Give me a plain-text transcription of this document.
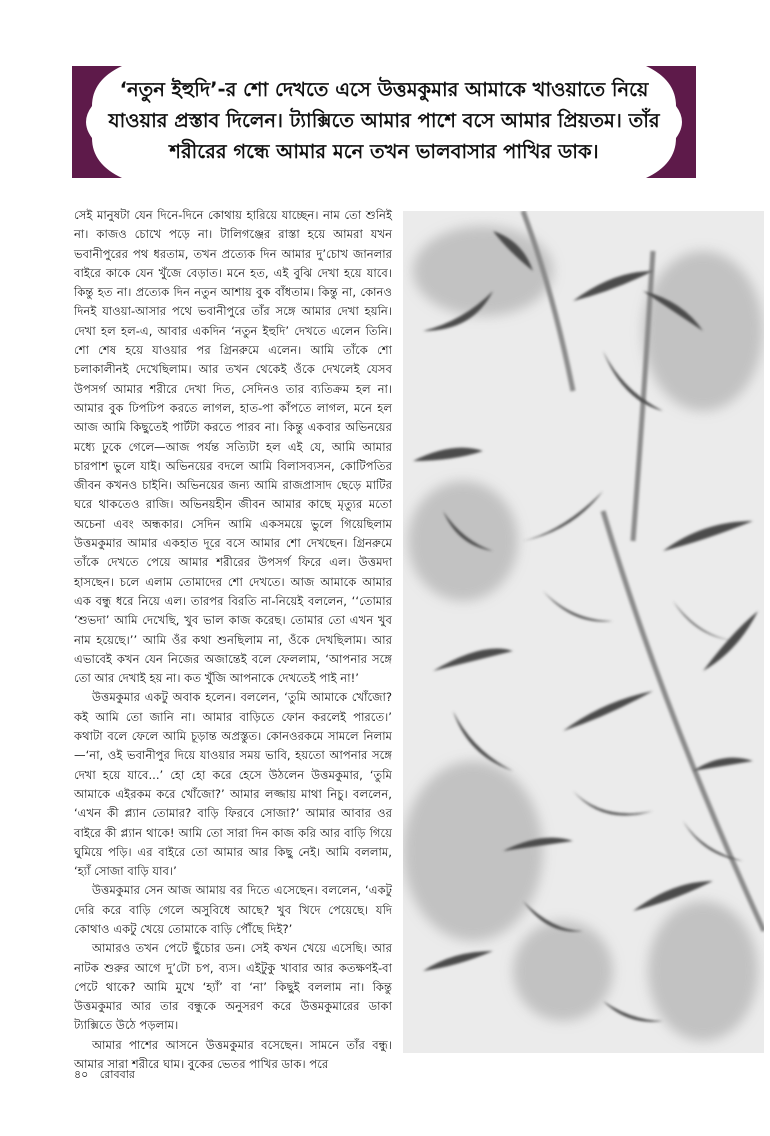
‘নতুন ইহুদি’-র শো দেখতে এসে উত্তমকুমার আমাকে খাওয়াতে নিয়ে যাওয়ার প্রস্তাব দিলেন। ট্যাক্সিতে আমার পাশে বসে আমার প্রিয়তম। তাঁর শরীরের গন্ধে আমার মনে তখন ভালবাসার পাখির ডাক।

সেই মানুষটা যেন দিনে-দিনে কোথায় হারিয়ে যাচ্ছেন। নাম তো শুনিই না। কাজও চোখে পড়ে না। টালিগঞ্জের রাস্তা হয়ে আমরা যখন ভবানীপুরের পথ ধরতাম, তখন প্রত্যেক দিন আমার দু’চোখ জানলার বাইরে কাকে যেন খুঁজে বেড়াত। মনে হত, এই বুঝি দেখা হয়ে যাবে। কিন্তু হত না। প্রত্যেক দিন নতুন আশায় বুক বাঁধতাম। কিন্তু না, কোনও দিনই যাওয়া-আসার পথে ভবানীপুরে তাঁর সঙ্গে আমার দেখা হয়নি। দেখা হল হল-এ, আবার একদিন ‘নতুন ইহুদি’ দেখতে এলেন তিনি। শো শেষ হয়ে যাওয়ার পর গ্রিনরুমে এলেন। আমি তাঁকে শো চলাকালীনই দেখেছিলাম। আর তখন থেকেই ওঁকে দেখলেই যেসব উপসর্গ আমার শরীরে দেখা দিত, সেদিনও তার ব্যতিক্রম হল না। আমার বুক ঢিপঢিপ করতে লাগল, হাত-পা কাঁপতে লাগল, মনে হল আজ আমি কিছুতেই পার্টটা করতে পারব না। কিন্তু একবার অভিনয়ের মধ্যে ঢুকে গেলে—আজ পর্যন্ত সত্যিটা হল এই যে, আমি আমার চারপাশ ভুলে যাই। অভিনয়ের বদলে আমি বিলাসব্যসন, কোটিপতির জীবন কখনও চাইনি। অভিনয়ের জন্য আমি রাজপ্রাসাদ ছেড়ে মাটির ঘরে থাকতেও রাজি। অভিনয়হীন জীবন আমার কাছে মৃত্যুর মতো অচেনা এবং অন্ধকার। সেদিন আমি একসময়ে ভুলে গিয়েছিলাম উত্তমকুমার আমার একহাত দূরে বসে আমার শো দেখছেন। গ্রিনরুমে তাঁকে দেখতে পেয়ে আমার শরীরের উপসর্গ ফিরে এল। উত্তমদা হাসছেন। চলে এলাম তোমাদের শো দেখতে। আজ আমাকে আমার এক বন্ধু ধরে নিয়ে এল। তারপর বিরতি না-নিয়েই বললেন, ‘‘তোমার ‘শুভদা’ আমি দেখেছি, খুব ভাল কাজ করেছ। তোমার তো এখন খুব নাম হয়েছে।’’ আমি ওঁর কথা শুনছিলাম না, ওঁকে দেখছিলাম। আর এভাবেই কখন যেন নিজের অজান্তেই বলে ফেললাম, ‘আপনার সঙ্গে তো আর দেখাই হয় না। কত খুঁজি আপনাকে দেখতেই পাই না!’

উত্তমকুমার একটু অবাক হলেন। বললেন, ‘তুমি আমাকে খোঁজো? কই আমি তো জানি না। আমার বাড়িতে ফোন করলেই পারতে।’ কথাটা বলে ফেলে আমি চূড়ান্ত অপ্রস্তুত। কোনওরকমে সামলে নিলাম—‘না, ওই ভবানীপুর দিয়ে যাওয়ার সময় ভাবি, হয়তো আপনার সঙ্গে দেখা হয়ে যাবে...’ হো হো করে হেসে উঠলেন উত্তমকুমার, ‘তুমি আমাকে এইরকম করে খোঁজো?’ আমার লজ্জায় মাথা নিচু। বললেন, ‘এখন কী প্ল্যান তোমার? বাড়ি ফিরবে সোজা?’ আমার আবার ওর বাইরে কী প্ল্যান থাকে! আমি তো সারা দিন কাজ করি আর বাড়ি গিয়ে ঘুমিয়ে পড়ি। এর বাইরে তো আমার আর কিছু নেই। আমি বললাম, ‘হ্যাঁ সোজা বাড়ি যাব।’

উত্তমকুমার সেন আজ আমায় বর দিতে এসেছেন। বললেন, ‘একটু দেরি করে বাড়ি গেলে অসুবিধে আছে? খুব খিদে পেয়েছে। যদি কোথাও একটু খেয়ে তোমাকে বাড়ি পৌঁছে দিই?’

আমারও তখন পেটে ছুঁচোর ডন। সেই কখন খেয়ে এসেছি। আর নাটক শুরুর আগে দু’টো চপ, ব্যস। এইটুকু খাবার আর কতক্ষণই-বা পেটে থাকে? আমি মুখে ‘হ্যাঁ’ বা ‘না’ কিছুই বললাম না। কিন্তু উত্তমকুমার আর তার বন্ধুকে অনুসরণ করে উত্তমকুমারের ডাকা ট্যাক্সিতে উঠে পড়লাম।

আমার পাশের আসনে উত্তমকুমার বসেছেন। সামনে তাঁর বন্ধু। আমার সারা শরীরে ঘাম। বুকের ভেতর পাখির ডাক। পরে

৪০ রোববার
